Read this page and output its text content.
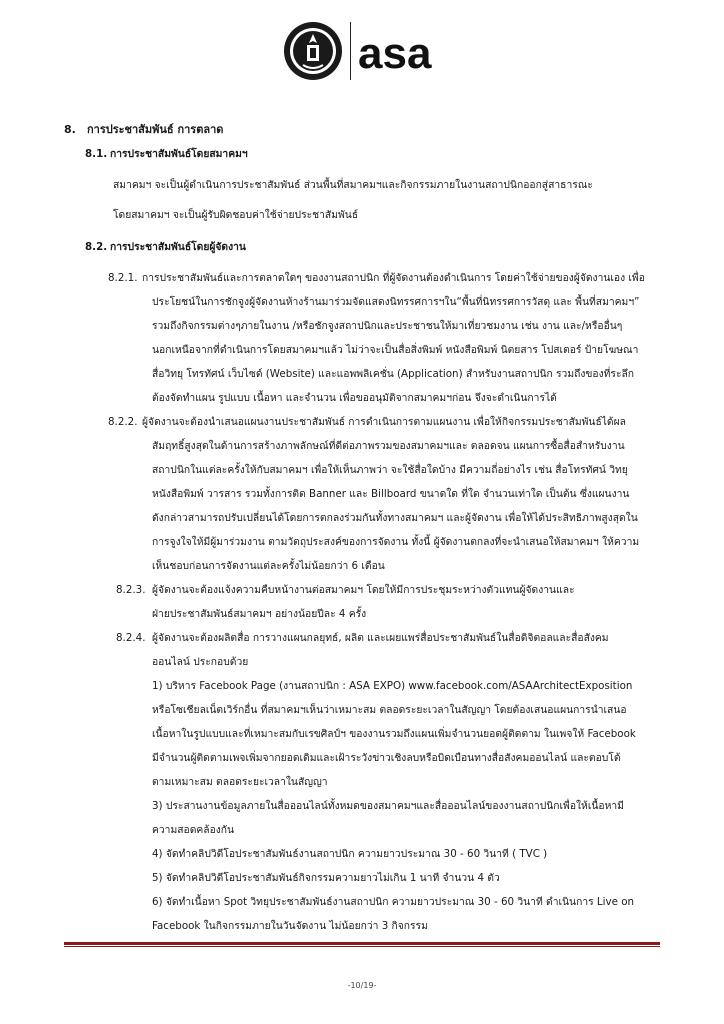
asa
8. การประชาสัมพันธ์ การตลาด
8.1. การประชาสัมพันธ์โดยสมาคมฯ
สมาคมฯ จะเป็นผู้ดำเนินการประชาสัมพันธ์ ส่วนพื้นที่สมาคมฯและกิจกรรมภายในงานสถาปนิกออกสู่สาธารณะ
โดยสมาคมฯ จะเป็นผู้รับผิดชอบค่าใช้จ่ายประชาสัมพันธ์
8.2. การประชาสัมพันธ์โดยผู้จัดงาน
8.2.1. การประชาสัมพันธ์และการตลาดใดๆ ของงานสถาปนิก ที่ผู้จัดงานต้องดำเนินการ โดยค่าใช้จ่ายของผู้จัดงานเอง เพื่อ
ประโยชน์ในการชักจูงผู้จัดงานห้างร้านมาร่วมจัดแสดงนิทรรศการฯใน“พื้นที่นิทรรศการวัสดุ และ พื้นที่สมาคมฯ”
รวมถึงกิจกรรมต่างๆภายในงาน /หรือชักจูงสถาปนิกและประชาชนให้มาเที่ยวชมงาน เช่น งาน และ/หรืออื่นๆ
นอกเหนือจากที่ดำเนินการโดยสมาคมฯแล้ว ไม่ว่าจะเป็นสื่อสิ่งพิมพ์ หนังสือพิมพ์ นิตยสาร โปสเตอร์ ป้ายโฆษณา
สื่อวิทยุ โทรทัศน์ เว็บไซด์ (Website) และแอพพลิเคชั่น (Application) สำหรับงานสถาปนิก รวมถึงของที่ระลึก
ต้องจัดทำแผน รูปแบบ เนื้อหา และจำนวน เพื่อขออนุมัติจากสมาคมฯก่อน จึงจะดำเนินการได้
8.2.2. ผู้จัดงานจะต้องนำเสนอแผนงานประชาสัมพันธ์ การดำเนินการตามแผนงาน เพื่อให้กิจกรรมประชาสัมพันธ์ได้ผล
สัมฤทธิ์สูงสุดในด้านการสร้างภาพลักษณ์ที่ดีต่อภาพรวมของสมาคมฯและ ตลอดจน แผนการซื้อสื่อสำหรับงาน
สถาปนิกในแต่ละครั้งให้กับสมาคมฯ เพื่อให้เห็นภาพว่า จะใช้สื่อใดบ้าง มีความถี่อย่างไร เช่น สื่อโทรทัศน์ วิทยุ
หนังสือพิมพ์ วารสาร รวมทั้งการติด Banner และ Billboard ขนาดใด ที่ใด จำนวนเท่าใด เป็นต้น ซึ่งแผนงาน
ดังกล่าวสามารถปรับเปลี่ยนได้โดยการตกลงร่วมกันทั้งทางสมาคมฯ และผู้จัดงาน เพื่อให้ได้ประสิทธิภาพสูงสุดใน
การจูงใจให้มีผู้มาร่วมงาน ตามวัตถุประสงค์ของการจัดงาน ทั้งนี้ ผู้จัดงานตกลงที่จะนำเสนอให้สมาคมฯ ให้ความ
เห็นชอบก่อนการจัดงานแต่ละครั้งไม่น้อยกว่า 6 เดือน
8.2.3. ผู้จัดงานจะต้องแจ้งความคืบหน้างานต่อสมาคมฯ โดยให้มีการประชุมระหว่างตัวแทนผู้จัดงานและ
ฝ่ายประชาสัมพันธ์สมาคมฯ อย่างน้อยปีละ 4 ครั้ง
8.2.4. ผู้จัดงานจะต้องผลิตสื่อ การวางแผนกลยุทธ์, ผลิต และเผยแพร่สื่อประชาสัมพันธ์ในสื่อดิจิตอลและสื่อสังคม
ออนไลน์ ประกอบด้วย
1) บริหาร Facebook Page (งานสถาปนิก : ASA EXPO) www.facebook.com/ASAArchitectExposition
หรือโซเชียลเน็ตเวิร์กอื่น ที่สมาคมฯเห็นว่าเหมาะสม ตลอดระยะเวลาในสัญญา โดยต้องเสนอแผนการนำเสนอ
เนื้อหาในรูปแบบและที่เหมาะสมกับเรขศิลป์ฯ ของงานรวมถึงแผนเพิ่มจำนวนยอดผู้ติดตาม ในเพจให้ Facebook
มีจำนวนผู้ติดตามเพจเพิ่มจากยอดเดิมและเฝ้าระวังข่าวเชิงลบหรือบิดเบือนทางสื่อสังคมออนไลน์ และตอบโต้
ตามเหมาะสม ตลอดระยะเวลาในสัญญา
3) ประสานงานข้อมูลภายในสื่อออนไลน์ทั้งหมดของสมาคมฯและสื่อออนไลน์ของงานสถาปนิกเพื่อให้เนื้อหามี
ความสอดคล้องกัน
4) จัดทำคลิปวิดีโอประชาสัมพันธ์งานสถาปนิก ความยาวประมาณ 30 - 60 วินาที ( TVC )
5) จัดทำคลิปวิดีโอประชาสัมพันธ์กิจกรรมความยาวไม่เกิน 1 นาที จำนวน 4 ตัว
6) จัดทำเนื้อหา Spot วิทยุประชาสัมพันธ์งานสถาปนิก ความยาวประมาณ 30 - 60 วินาที ดำเนินการ Live on
Facebook ในกิจกรรมภายในวันจัดงาน ไม่น้อยกว่า 3 กิจกรรม
-10/19-
